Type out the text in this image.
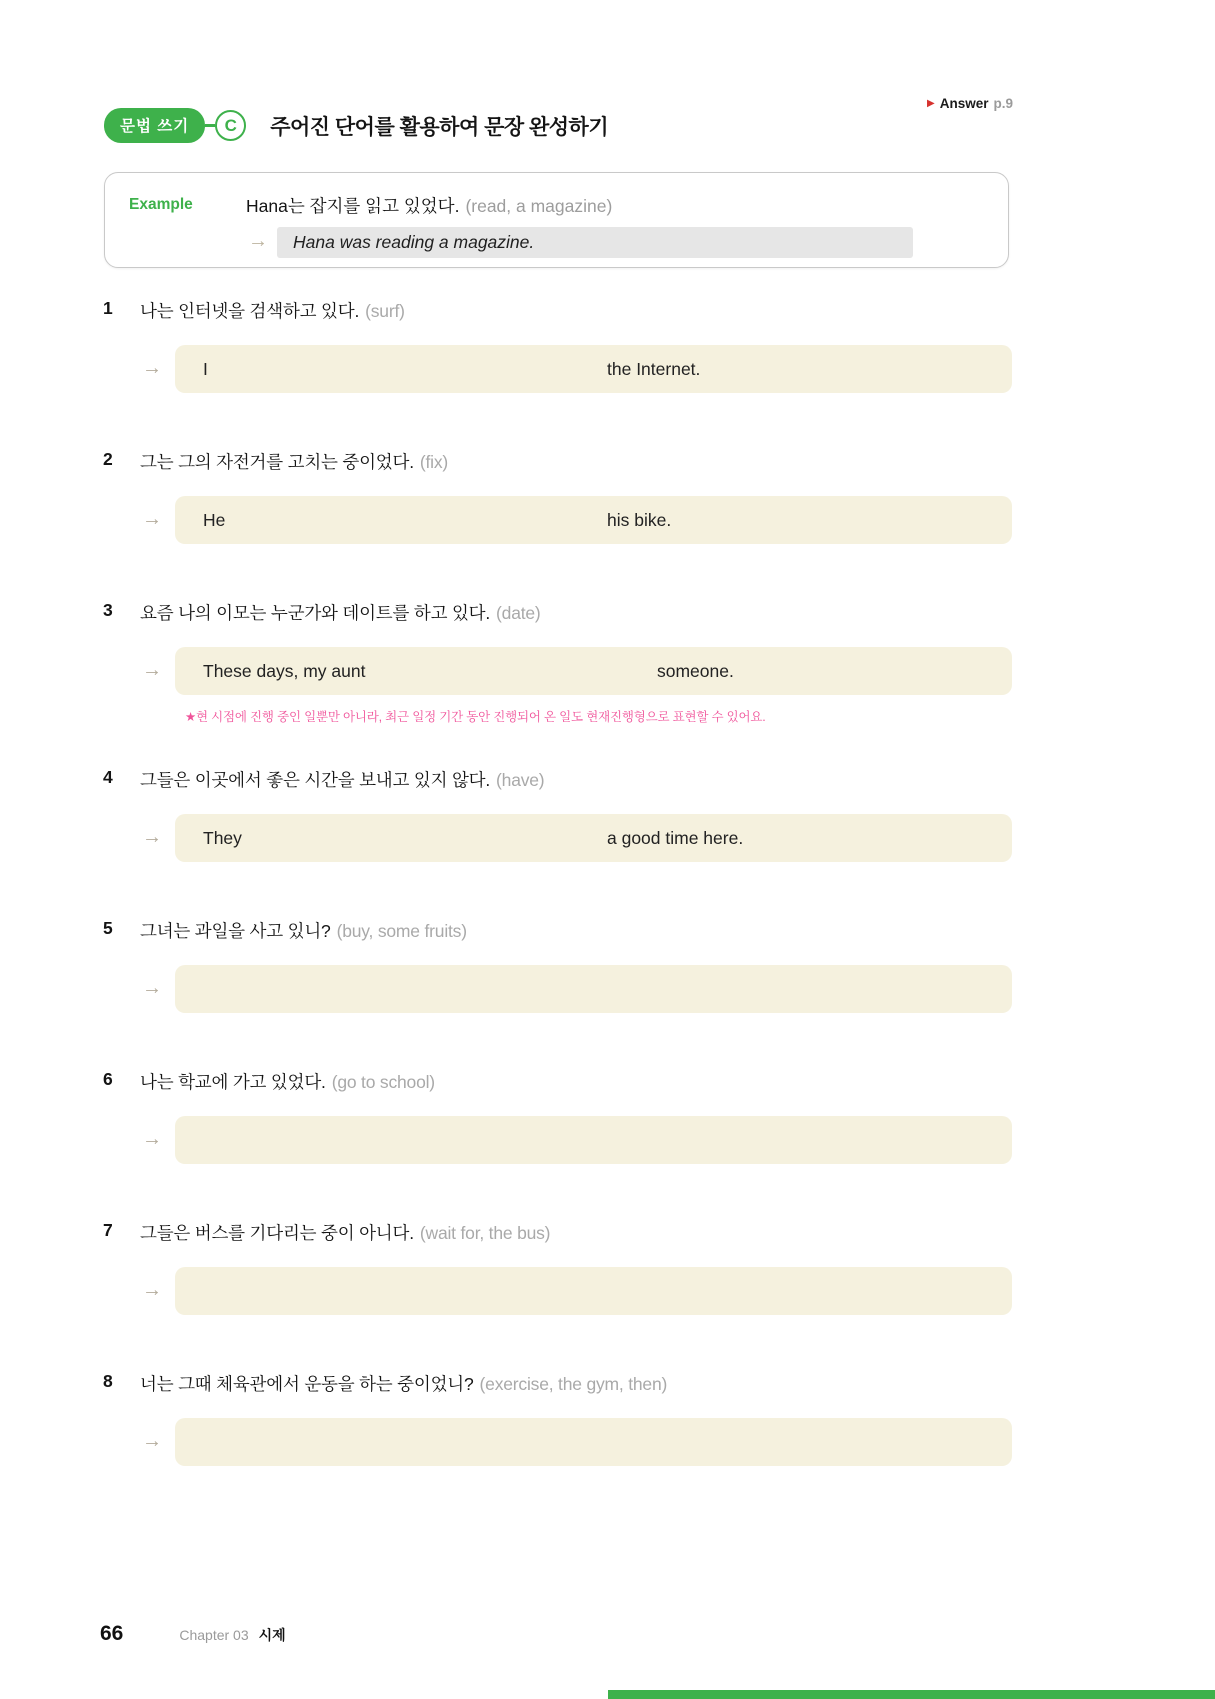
▶ Answer p.9
문법 쓰기	C	주어진 단어를 활용하여 문장 완성하기
Example	Hana는 잡지를 읽고 있었다. (read, a magazine)

→	Hana was reading a magazine.
1	나는 인터넷을 검색하고 있다. (surf)

→ I	the Internet.
2	그는 그의 자전거를 고치는 중이었다. (fix)

→ He	his bike.
3	요즘 나의 이모는 누군가와 데이트를 하고 있다. (date)

→ These days, my aunt	someone.

★현 시점에 진행 중인 일뿐만 아니라, 최근 일정 기간 동안 진행되어 온 일도 현재진행형으로 표현할 수 있어요.

4	그들은 이곳에서 좋은 시간을 보내고 있지 않다. (have)

→ They	a good time here.
5	그녀는 과일을 사고 있니? (buy, some fruits)

→
6	나는 학교에 가고 있었다. (go to school)

→
7	그들은 버스를 기다리는 중이 아니다. (wait for, the bus)

→
8	너는 그때 체육관에서 운동을 하는 중이었니? (exercise, the gym, then)

→
66	Chapter 03 시제
